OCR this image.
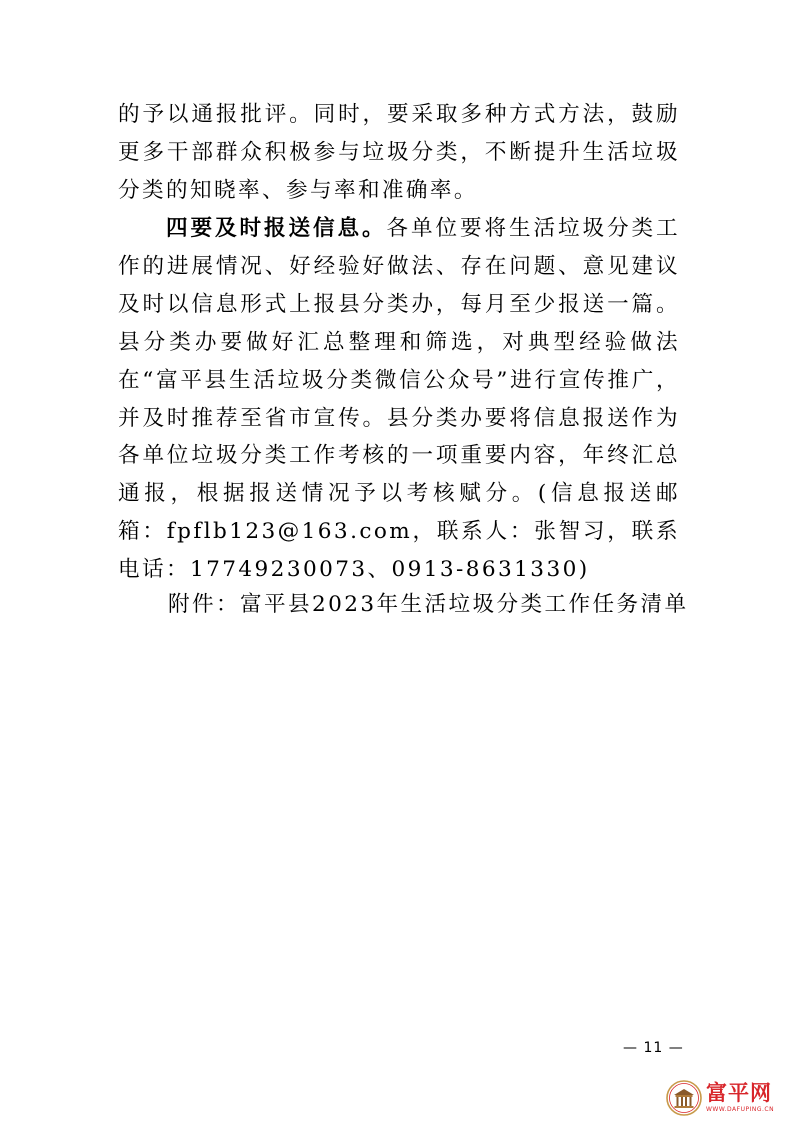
的予以通报批评。同时，要采取多种方式方法，鼓励更多干部群众积极参与垃圾分类，不断提升生活垃圾分类的知晓率、参与率和准确率。
四要及时报送信息。各单位要将生活垃圾分类工作的进展情况、好经验好做法、存在问题、意见建议及时以信息形式上报县分类办，每月至少报送一篇。县分类办要做好汇总整理和筛选，对典型经验做法在“富平县生活垃圾分类微信公众号”进行宣传推广，并及时推荐至省市宣传。县分类办要将信息报送作为各单位垃圾分类工作考核的一项重要内容，年终汇总通报，根据报送情况予以考核赋分。(信息报送邮箱：fpflb123@163.com，联系人：张智习，联系电话：17749230073、0913-8631330)
附件：富平县2023年生活垃圾分类工作任务清单
— 11 —
富平网
WWW.DAFUPING.CN
